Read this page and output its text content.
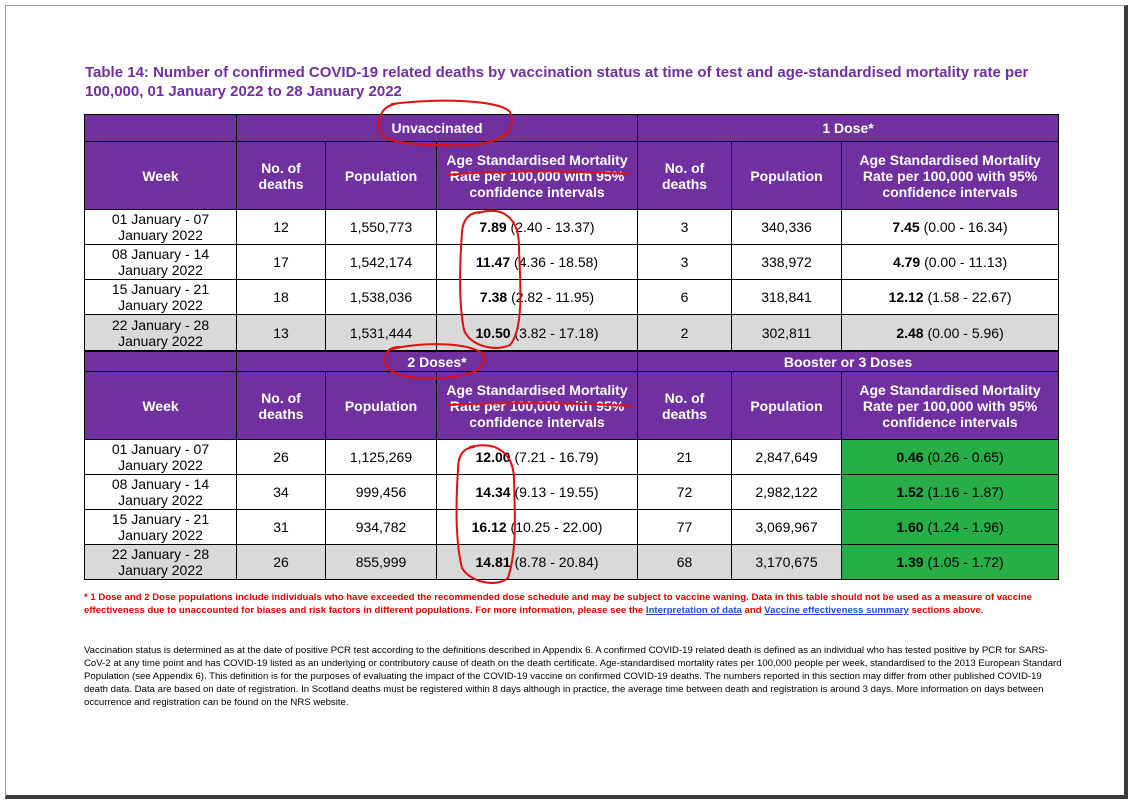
Table 14: Number of confirmed COVID-19 related deaths by vaccination status at time of test and age-standardised mortality rate per 100,000, 01 January 2022 to 28 January 2022
	Unvaccinated			1 Dose*		
Week	No. of deaths	Population	Age Standardised Mortality Rate per 100,000 with 95% confidence intervals	No. of deaths	Population	Age Standardised Mortality Rate per 100,000 with 95% confidence intervals
01 January - 07 January 2022	12	1,550,773	7.89 (2.40 - 13.37)	3	340,336	7.45 (0.00 - 16.34)
08 January - 14 January 2022	17	1,542,174	11.47 (4.36 - 18.58)	3	338,972	4.79 (0.00 - 11.13)
15 January - 21 January 2022	18	1,538,036	7.38 (2.82 - 11.95)	6	318,841	12.12 (1.58 - 22.67)
22 January - 28 January 2022	13	1,531,444	10.50 (3.82 - 17.18)	2	302,811	2.48 (0.00 - 5.96)
	2 Doses*			Booster or 3 Doses		
Week	No. of deaths	Population	Age Standardised Mortality Rate per 100,000 with 95% confidence intervals	No. of deaths	Population	Age Standardised Mortality Rate per 100,000 with 95% confidence intervals
01 January - 07 January 2022	26	1,125,269	12.00 (7.21 - 16.79)	21	2,847,649	0.46 (0.26 - 0.65)
08 January - 14 January 2022	34	999,456	14.34 (9.13 - 19.55)	72	2,982,122	1.52 (1.16 - 1.87)
15 January - 21 January 2022	31	934,782	16.12 (10.25 - 22.00)	77	3,069,967	1.60 (1.24 - 1.96)
22 January - 28 January 2022	26	855,999	14.81 (8.78 - 20.84)	68	3,170,675	1.39 (1.05 - 1.72)
* 1 Dose and 2 Dose populations include individuals who have exceeded the recommended dose schedule and may be subject to vaccine waning. Data in this table should not be used as a measure of vaccine effectiveness due to unaccounted for biases and risk factors in different populations. For more information, please see the Interpretation of data and Vaccine effectiveness summary sections above.
Vaccination status is determined as at the date of positive PCR test according to the definitions described in Appendix 6. A confirmed COVID-19 related death is defined as an individual who has tested positive by PCR for SARS-CoV-2 at any time point and has COVID-19 listed as an underlying or contributory cause of death on the death certificate. Age-standardised mortality rates per 100,000 people per week, standardised to the 2013 European Standard Population (see Appendix 6). This definition is for the purposes of evaluating the impact of the COVID-19 vaccine on confirmed COVID-19 deaths. The numbers reported in this section may differ from other published COVID-19 death data. Data are based on date of registration. In Scotland deaths must be registered within 8 days although in practice, the average time between death and registration is around 3 days. More information on days between occurrence and registration can be found on the NRS website.
